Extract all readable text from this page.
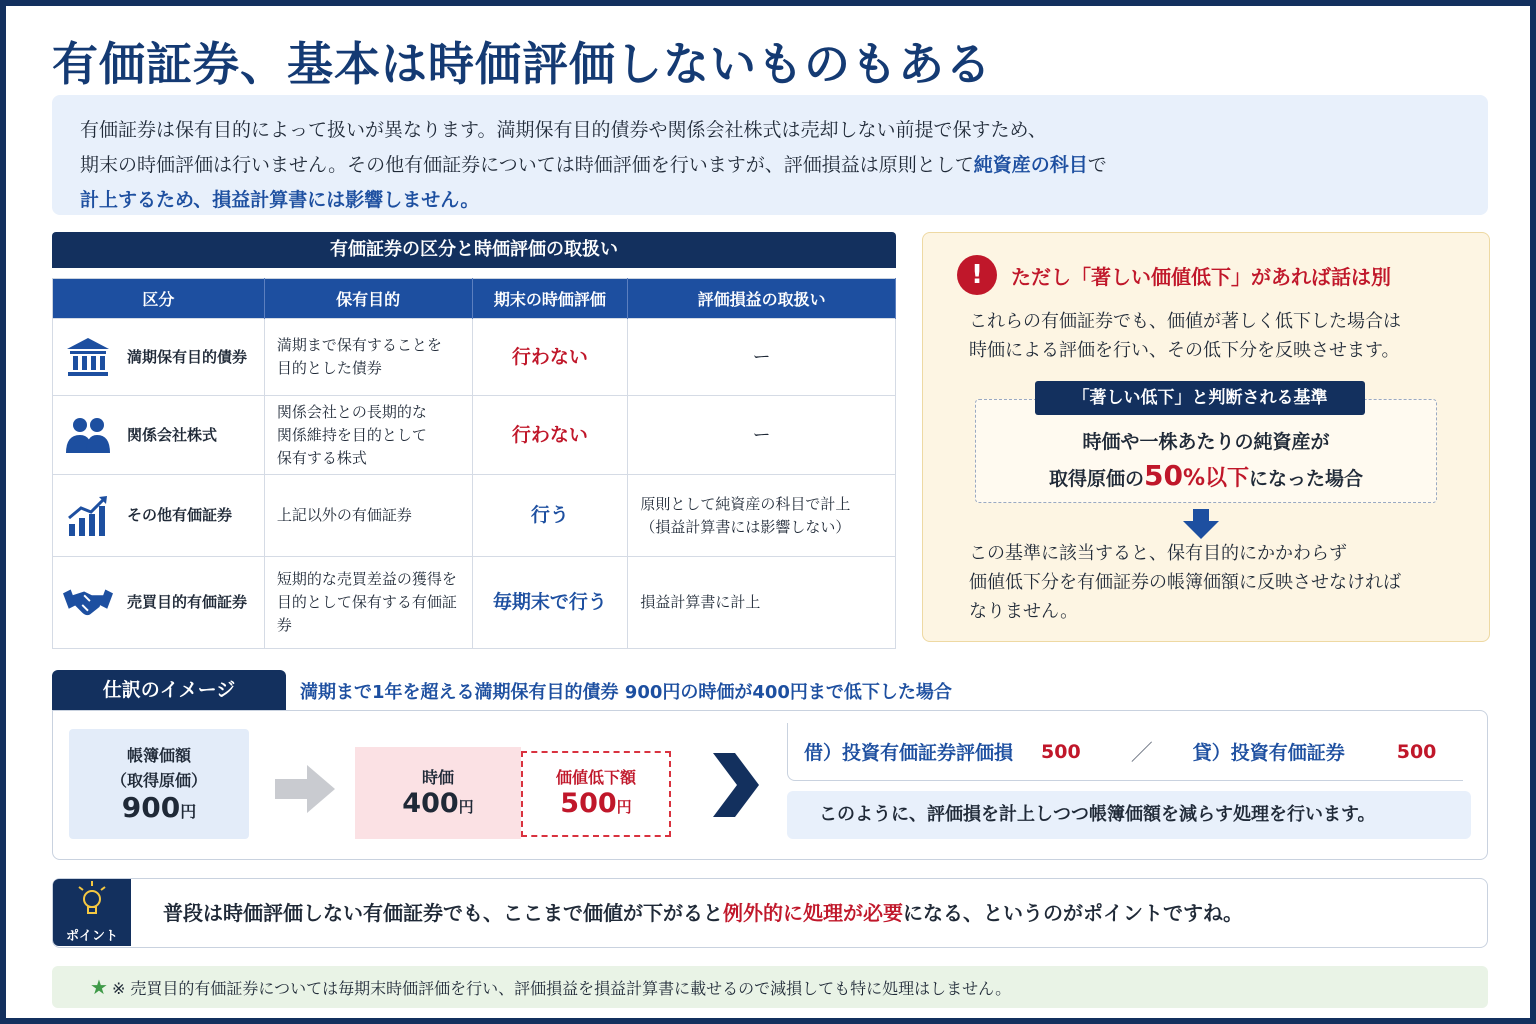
有価証券、基本は時価評価しないものもある
有価証券は保有目的によって扱いが異なります。満期保有目的債券や関係会社株式は売却しない前提で保すため、
期末の時価評価は行いません。その他有価証券については時価評価を行いますが、評価損益は原則として純資産の科目で
計上するため、損益計算書には影響しません。
有価証券の区分と時価評価の取扱い
区分	保有目的	期末の時価評価	評価損益の取扱い

満期保有目的債券	満期まで保有することを
目的とした債券	行わない	ー

関係会社株式	関係会社との長期的な
関係維持を目的として
保有する株式	行わない	ー

その他有価証券	上記以外の有価証券	行う	原則として純資産の科目で計上
（損益計算書には影響しない）

売買目的有価証券	短期的な売買差益の獲得を
目的として保有する有価証券	毎期末で行う	損益計算書に計上
!	ただし「著しい価値低下」があれば話は別
これらの有価証券でも、価値が著しく低下した場合は
時価による評価を行い、その低下分を反映させます。
「著しい低下」と判断される基準
時価や一株あたりの純資産が
取得原価の50%以下になった場合
この基準に該当すると、保有目的にかかわらず
価値低下分を有価証券の帳簿価額に反映させなければ
なりません。
仕訳のイメージ	満期まで1年を超える満期保有目的債券 900円の時価が400円まで低下した場合
帳簿価額
（取得原価）
900円
時価
400円
価値低下額
500円
借）投資有価証券評価損 500 ／ 貸）投資有価証券	500
このように、評価損を計上しつつ帳簿価額を減らす処理を行います。
ポイント
普段は時価評価しない有価証券でも、ここまで価値が下がると例外的に処理が必要になる、というのがポイントですね。
★ ※ 売買目的有価証券については毎期末時価評価を行い、評価損益を損益計算書に載せるので減損しても特に処理はしません。
